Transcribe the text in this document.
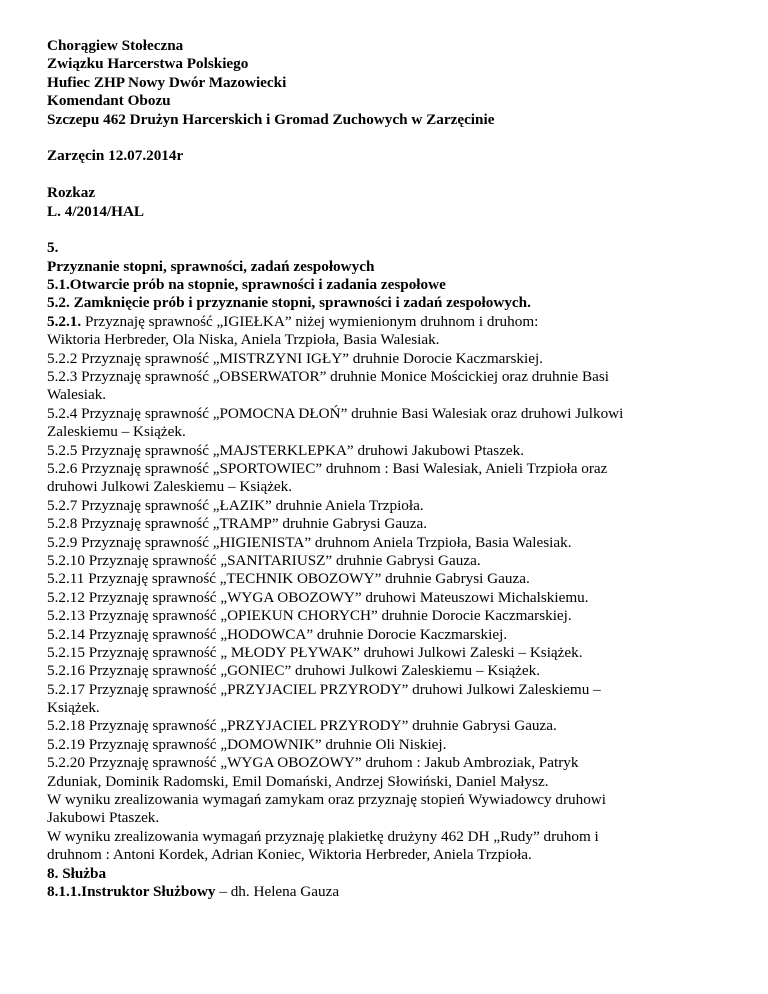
Chorągiew Stołeczna
Związku Harcerstwa Polskiego
Hufiec ZHP Nowy Dwór Mazowiecki
Komendant Obozu
Szczepu 462 Drużyn Harcerskich i Gromad Zuchowych w Zarzęcinie
Zarzęcin 12.07.2014r
Rozkaz
L. 4/2014/HAL
5.
Przyznanie stopni, sprawności, zadań zespołowych
5.1.Otwarcie prób na stopnie, sprawności i zadania zespołowe
5.2. Zamknięcie prób i przyznanie stopni, sprawności i zadań zespołowych.
5.2.1. Przyznaję sprawność „IGIEŁKA” niżej wymienionym druhnom i druhom:
Wiktoria Herbreder, Ola Niska, Aniela Trzpioła, Basia Walesiak.
5.2.2 Przyznaję sprawność „MISTRZYNI IGŁY” druhnie Dorocie Kaczmarskiej.
5.2.3 Przyznaję sprawność „OBSERWATOR” druhnie Monice Mościckiej oraz druhnie Basi
Walesiak.
5.2.4 Przyznaję sprawność „POMOCNA DŁOŃ” druhnie Basi Walesiak oraz druhowi Julkowi
Zaleskiemu – Książek.
5.2.5 Przyznaję sprawność „MAJSTERKLEPKA” druhowi Jakubowi Ptaszek.
5.2.6 Przyznaję sprawność „SPORTOWIEC” druhnom : Basi Walesiak, Anieli Trzpioła oraz
druhowi Julkowi Zaleskiemu – Książek.
5.2.7 Przyznaję sprawność „ŁAZIK” druhnie Aniela Trzpioła.
5.2.8 Przyznaję sprawność „TRAMP” druhnie Gabrysi Gauza.
5.2.9 Przyznaję sprawność „HIGIENISTA” druhnom Aniela Trzpioła, Basia Walesiak.
5.2.10 Przyznaję sprawność „SANITARIUSZ” druhnie Gabrysi Gauza.
5.2.11 Przyznaję sprawność „TECHNIK OBOZOWY” druhnie Gabrysi Gauza.
5.2.12 Przyznaję sprawność „WYGA OBOZOWY” druhowi Mateuszowi Michalskiemu.
5.2.13 Przyznaję sprawność „OPIEKUN CHORYCH” druhnie Dorocie Kaczmarskiej.
5.2.14 Przyznaję sprawność „HODOWCA” druhnie Dorocie Kaczmarskiej.
5.2.15 Przyznaję sprawność „ MŁODY PŁYWAK” druhowi Julkowi Zaleski – Książek.
5.2.16 Przyznaję sprawność „GONIEC” druhowi Julkowi Zaleskiemu – Książek.
5.2.17 Przyznaję sprawność „PRZYJACIEL PRZYRODY” druhowi Julkowi Zaleskiemu –
Książek.
5.2.18 Przyznaję sprawność „PRZYJACIEL PRZYRODY” druhnie Gabrysi Gauza.
5.2.19 Przyznaję sprawność „DOMOWNIK” druhnie Oli Niskiej.
5.2.20 Przyznaję sprawność „WYGA OBOZOWY” druhom : Jakub Ambroziak, Patryk
Zduniak, Dominik Radomski, Emil Domański, Andrzej Słowiński, Daniel Małysz.
W wyniku zrealizowania wymagań zamykam oraz przyznaję stopień Wywiadowcy druhowi
Jakubowi Ptaszek.
W wyniku zrealizowania wymagań przyznaję plakietkę drużyny 462 DH „Rudy” druhom i
druhnom : Antoni Kordek, Adrian Koniec, Wiktoria Herbreder, Aniela Trzpioła.
8. Służba
8.1.1.Instruktor Służbowy – dh. Helena Gauza
